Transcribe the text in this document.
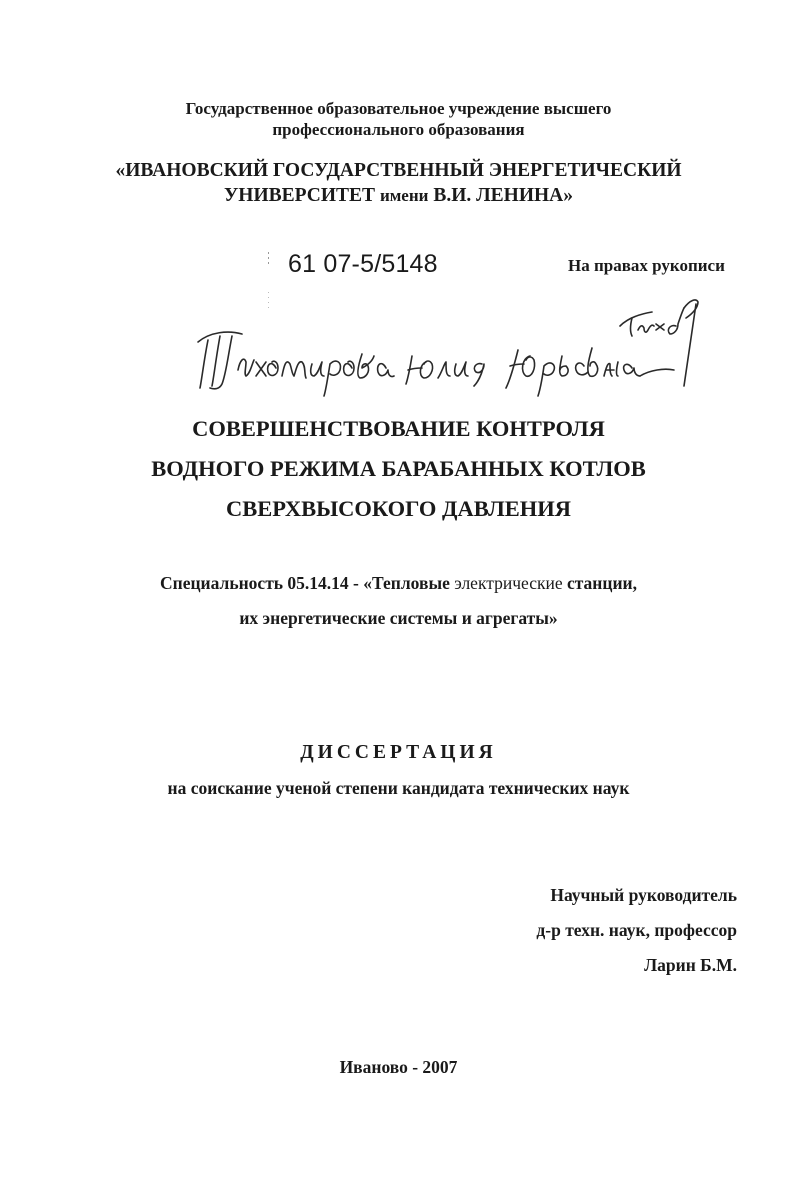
Государственное образовательное учреждение высшего
профессионального образования
«ИВАНОВСКИЙ ГОСУДАРСТВЕННЫЙ ЭНЕРГЕТИЧЕСКИЙ
УНИВЕРСИТЕТ имени В.И. ЛЕНИНА»
61 07-5/5148	На правах рукописи
СОВЕРШЕНСТВОВАНИЕ КОНТРОЛЯ
ВОДНОГО РЕЖИМА БАРАБАННЫХ КОТЛОВ
СВЕРХВЫСОКОГО ДАВЛЕНИЯ
Специальность 05.14.14 - «Тепловые электрические станции,
их энергетические системы и агрегаты»
ДИССЕРТАЦИЯ
на соискание ученой степени кандидата технических наук
Научный руководитель
д-р техн. наук, профессор
Ларин Б.М.
Иваново - 2007
